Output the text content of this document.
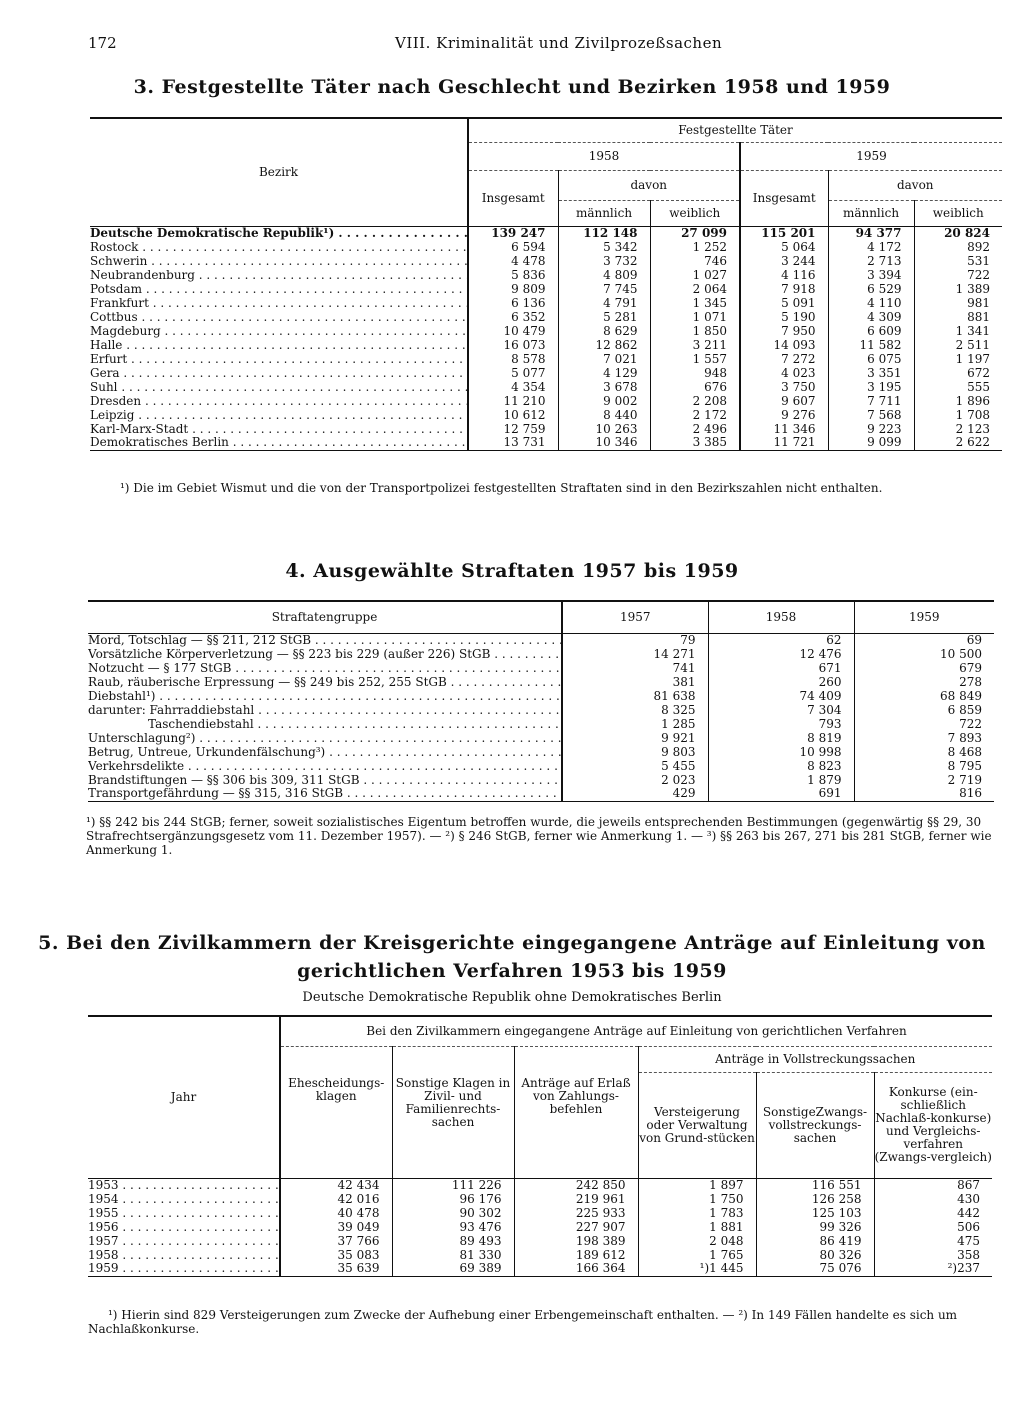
172	VIII. Kriminalität und Zivilprozeßsachen
3. Festgestellte Täter nach Geschlecht und Bezirken 1958 und 1959
Bezirk	Festgestellte Täter					
	1958			1959		
	Insgesamt	davon		Insgesamt	davon	
		männlich	weiblich		männlich	weiblich
Deutsche Demokratische Republik¹) . . .	139 247	112 148	27 099	115 201	94 377	20 824
Rostock . . .	6 594	5 342	1 252	5 064	4 172	892
Schwerin . . .	4 478	3 732	746	3 244	2 713	531
Neubrandenburg . . .	5 836	4 809	1 027	4 116	3 394	722
Potsdam . . .	9 809	7 745	2 064	7 918	6 529	1 389
Frankfurt . . .	6 136	4 791	1 345	5 091	4 110	981
Cottbus . . .	6 352	5 281	1 071	5 190	4 309	881
Magdeburg . . .	10 479	8 629	1 850	7 950	6 609	1 341
Halle . . .	16 073	12 862	3 211	14 093	11 582	2 511
Erfurt . . .	8 578	7 021	1 557	7 272	6 075	1 197
Gera . . .	5 077	4 129	948	4 023	3 351	672
Suhl . . .	4 354	3 678	676	3 750	3 195	555
Dresden . . .	11 210	9 002	2 208	9 607	7 711	1 896
Leipzig . . .	10 612	8 440	2 172	9 276	7 568	1 708
Karl-Marx-Stadt . . .	12 759	10 263	2 496	11 346	9 223	2 123
Demokratisches Berlin . . .	13 731	10 346	3 385	11 721	9 099	2 622
¹) Die im Gebiet Wismut und die von der Transportpolizei festgestellten Straftaten sind in den Bezirkszahlen nicht enthalten.
4. Ausgewählte Straftaten 1957 bis 1959
Straftatengruppe	1957	1958	1959
Mord, Totschlag — §§ 211, 212 StGB . . .	79	62	69
Vorsätzliche Körperverletzung — §§ 223 bis 229 (außer 226) StGB . . .	14 271	12 476	10 500
Notzucht — § 177 StGB . . .	741	671	679
Raub, räuberische Erpressung — §§ 249 bis 252, 255 StGB . . .	381	260	278
Diebstahl¹) . . .	81 638	74 409	68 849
darunter: Fahrraddiebstahl . . .	8 325	7 304	6 859
Taschendiebstahl . . .	1 285	793	722
Unterschlagung²) . . .	9 921	8 819	7 893
Betrug, Untreue, Urkundenfälschung³) . . .	9 803	10 998	8 468
Verkehrsdelikte . . .	5 455	8 823	8 795
Brandstiftungen — §§ 306 bis 309, 311 StGB . . .	2 023	1 879	2 719
Transportgefährdung — §§ 315, 316 StGB . . .	429	691	816
¹) §§ 242 bis 244 StGB; ferner, soweit sozialistisches Eigentum betroffen wurde, die jeweils entsprechenden Bestimmungen (gegenwärtig §§ 29, 30 Strafrechtsergänzungsgesetz vom 11. Dezember 1957). — ²) § 246 StGB, ferner wie Anmerkung 1. — ³) §§ 263 bis 267, 271 bis 281 StGB, ferner wie Anmerkung 1.
5. Bei den Zivilkammern der Kreisgerichte eingegangene Anträge auf Einleitung von
gerichtlichen Verfahren 1953 bis 1959
Deutsche Demokratische Republik ohne Demokratisches Berlin
Jahr	Bei den Zivilkammern eingegangene Anträge auf Einleitung von gerichtlichen Verfahren					
	Ehescheidungs-klagen	Sonstige Klagen in Zivil- und Familienrechts-sachen	Anträge auf Erlaß von Zahlungs-befehlen	Anträge in Vollstreckungssachen		
				Versteigerung oder Verwaltung von Grund-stücken	SonstigeZwangs-vollstreckungs-sachen	Konkurse (ein-schließlich Nachlaß-konkurse) und Vergleichs-verfahren (Zwangs-vergleich)
1953 . . .	42 434	111 226	242 850	1 897	116 551	867
1954 . . .	42 016	96 176	219 961	1 750	126 258	430
1955 . . .	40 478	90 302	225 933	1 783	125 103	442
1956 . . .	39 049	93 476	227 907	1 881	99 326	506
1957 . . .	37 766	89 493	198 389	2 048	86 419	475
1958 . . .	35 083	81 330	189 612	1 765	80 326	358
1959 . . .	35 639	69 389	166 364	¹)1 445	75 076	²)237
¹) Hierin sind 829 Versteigerungen zum Zwecke der Aufhebung einer Erbengemeinschaft enthalten. — ²) In 149 Fällen handelte es sich um Nachlaßkonkurse.
